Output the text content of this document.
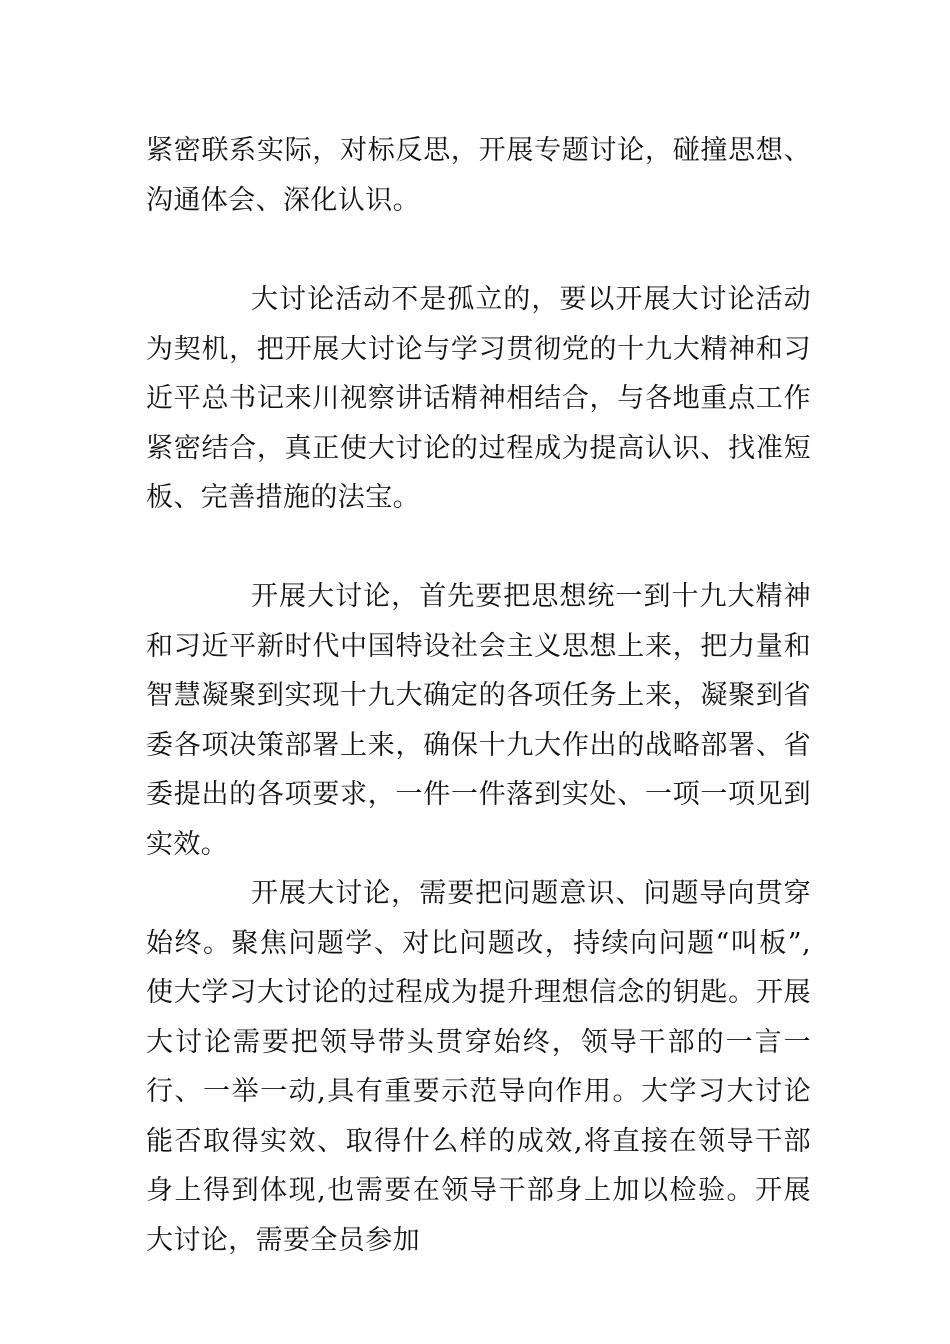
紧密联系实际，对标反思，开展专题讨论，碰撞思想、沟通体会、深化认识。

大讨论活动不是孤立的，要以开展大讨论活动为契机，把开展大讨论与学习贯彻党的十九大精神和习近平总书记来川视察讲话精神相结合，与各地重点工作紧密结合，真正使大讨论的过程成为提高认识、找准短板、完善措施的法宝。

开展大讨论，首先要把思想统一到十九大精神和习近平新时代中国特设社会主义思想上来，把力量和智慧凝聚到实现十九大确定的各项任务上来，凝聚到省委各项决策部署上来，确保十九大作出的战略部署、省委提出的各项要求，一件一件落到实处、一项一项见到实效。

开展大讨论，需要把问题意识、问题导向贯穿始终。聚焦问题学、对比问题改，持续向问题“叫板”,使大学习大讨论的过程成为提升理想信念的钥匙。开展大讨论需要把领导带头贯穿始终，领导干部的一言一行、一举一动,具有重要示范导向作用。大学习大讨论能否取得实效、取得什么样的成效,将直接在领导干部身上得到体现,也需要在领导干部身上加以检验。开展大讨论，需要全员参加
